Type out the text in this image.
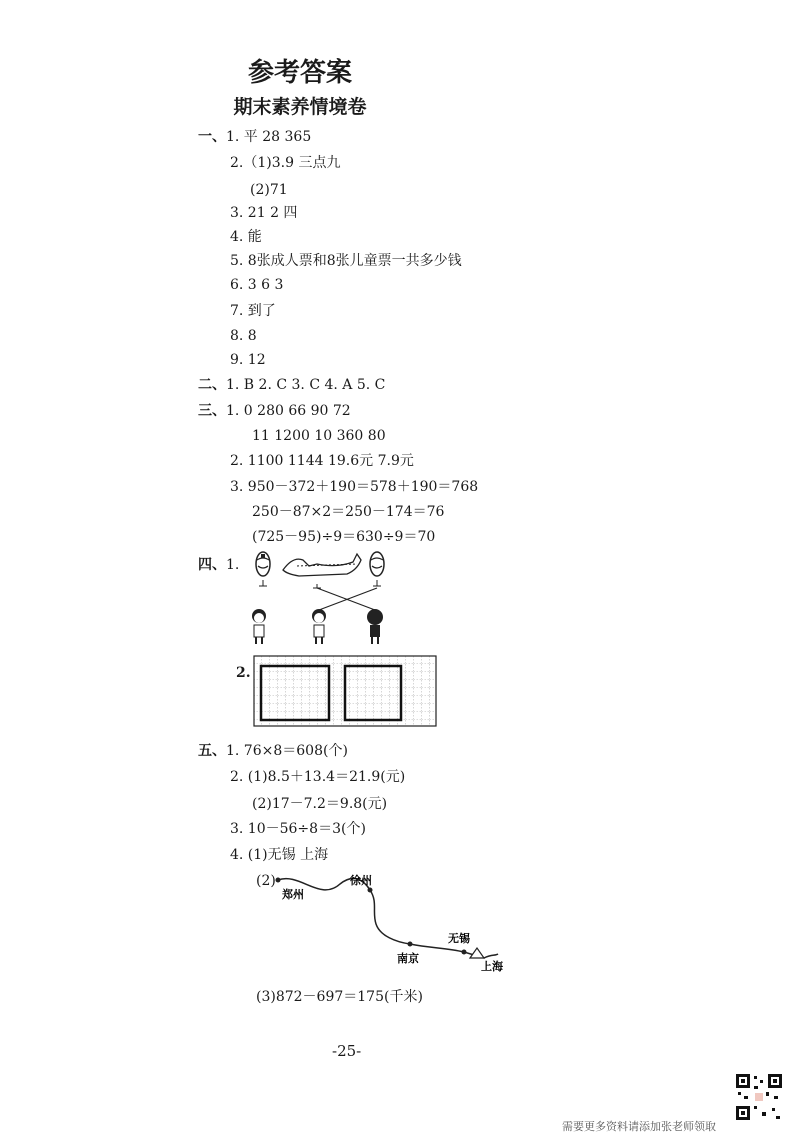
参考答案
期末素养情境卷
一、 1. 平 28 365
2.（1)3.9 三点九
(2)71
3. 21 2 四
4. 能
5. 8张成人票和8张儿童票一共多少钱
6. 3 6 3
7. 到了
8. 8
9. 12
二、 1. B 2. C 3. C 4. A 5. C
三、 1. 0 280 66 90 72
11 1200 10 360 80
2. 1100 1144 19.6元 7.9元
3. 950－372＋190＝578＋190＝768
250－87×2＝250－174＝76
(725－95)÷9＝630÷9＝70
四、 1.
2.
五、 1. 76×8＝608(个)
2. (1)8.5＋13.4＝21.9(元)
(2)17－7.2＝9.8(元)
3. 10－56÷8＝3(个)
4. (1)无锡 上海
(2)
郑州
徐州
南京
无锡
上海
(3)872－697＝175(千米)
-25-
需要更多资料请添加张老师领取
